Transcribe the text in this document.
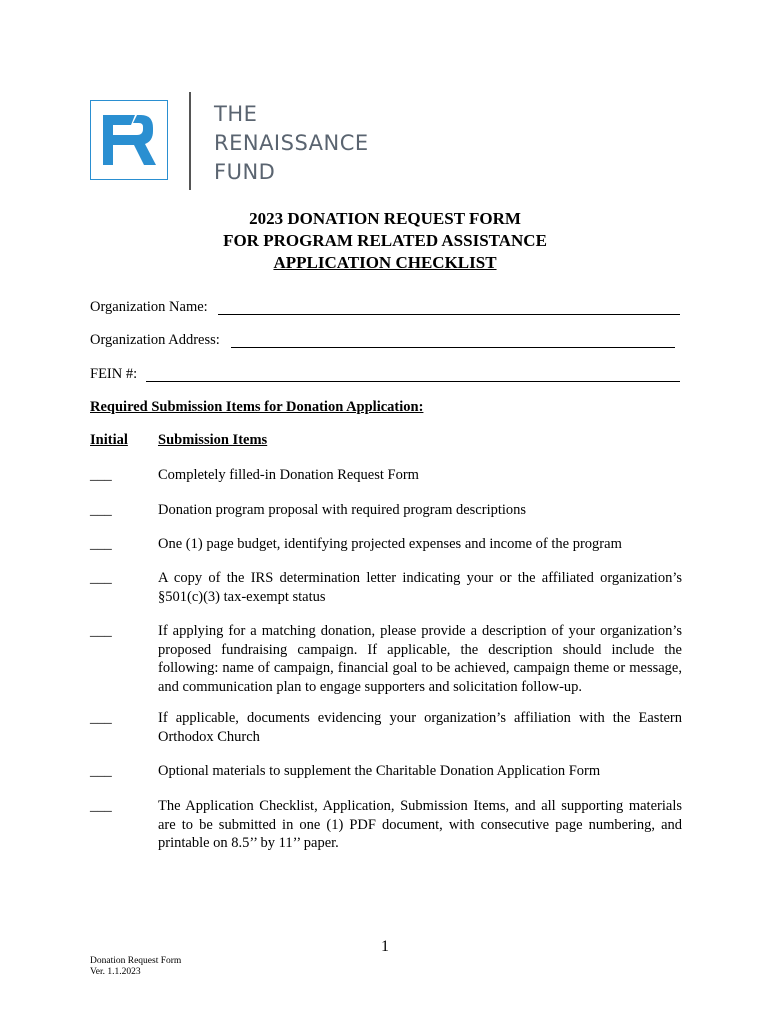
THE
RENAISSANCE
FUND
2023 DONATION REQUEST FORM
FOR PROGRAM RELATED ASSISTANCE
APPLICATION CHECKLIST
Organization Name:
Organization Address:
FEIN #:
Required Submission Items for Donation Application:
Initial Submission Items
___	Completely filled-in Donation Request Form
___	Donation program proposal with required program descriptions
___	One (1) page budget, identifying projected expenses and income of the program
___	A copy of the IRS determination letter indicating your or the affiliated organization’s §501(c)(3) tax-exempt status
___	If applying for a matching donation, please provide a description of your organization’s proposed fundraising campaign. If applicable, the description should include the following: name of campaign, financial goal to be achieved, campaign theme or message, and communication plan to engage supporters and solicitation follow-up.
___	If applicable, documents evidencing your organization’s affiliation with the Eastern Orthodox Church
___	Optional materials to supplement the Charitable Donation Application Form
___	The Application Checklist, Application, Submission Items, and all supporting materials are to be submitted in one (1) PDF document, with consecutive page numbering, and printable on 8.5’’ by 11’’ paper.
1
Donation Request Form
Ver. 1.1.2023
